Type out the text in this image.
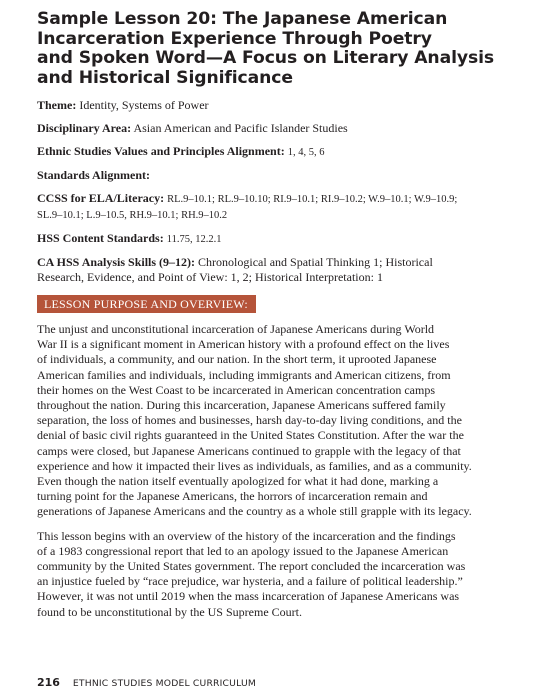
Sample Lesson 20: The Japanese American
Incarceration Experience Through Poetry
and Spoken Word—A Focus on Literary Analysis
and Historical Significance
Theme: Identity, Systems of Power
Disciplinary Area: Asian American and Pacific Islander Studies
Ethnic Studies Values and Principles Alignment: 1, 4, 5, 6
Standards Alignment:
CCSS for ELA/Literacy: RL.9–10.1; RL.9–10.10; RI.9–10.1; RI.9–10.2; W.9–10.1; W.9–10.9;
SL.9–10.1; L.9–10.5, RH.9–10.1; RH.9–10.2
HSS Content Standards: 11.75, 12.2.1
CA HSS Analysis Skills (9–12): Chronological and Spatial Thinking 1; Historical
Research, Evidence, and Point of View: 1, 2; Historical Interpretation: 1
LESSON PURPOSE AND OVERVIEW:
The unjust and unconstitutional incarceration of Japanese Americans during World
War II is a significant moment in American history with a profound effect on the lives
of individuals, a community, and our nation. In the short term, it uprooted Japanese
American families and individuals, including immigrants and American citizens, from
their homes on the West Coast to be incarcerated in American concentration camps
throughout the nation. During this incarceration, Japanese Americans suffered family
separation, the loss of homes and businesses, harsh day-to-day living conditions, and the
denial of basic civil rights guaranteed in the United States Constitution. After the war the
camps were closed, but Japanese Americans continued to grapple with the legacy of that
experience and how it impacted their lives as individuals, as families, and as a community.
Even though the nation itself eventually apologized for what it had done, marking a
turning point for the Japanese Americans, the horrors of incarceration remain and
generations of Japanese Americans and the country as a whole still grapple with its legacy.
This lesson begins with an overview of the history of the incarceration and the findings
of a 1983 congressional report that led to an apology issued to the Japanese American
community by the United States government. The report concluded the incarceration was
an injustice fueled by “race prejudice, war hysteria, and a failure of political leadership.”
However, it was not until 2019 when the mass incarceration of Japanese Americans was
found to be unconstitutional by the US Supreme Court.
216 ETHNIC STUDIES MODEL CURRICULUM
